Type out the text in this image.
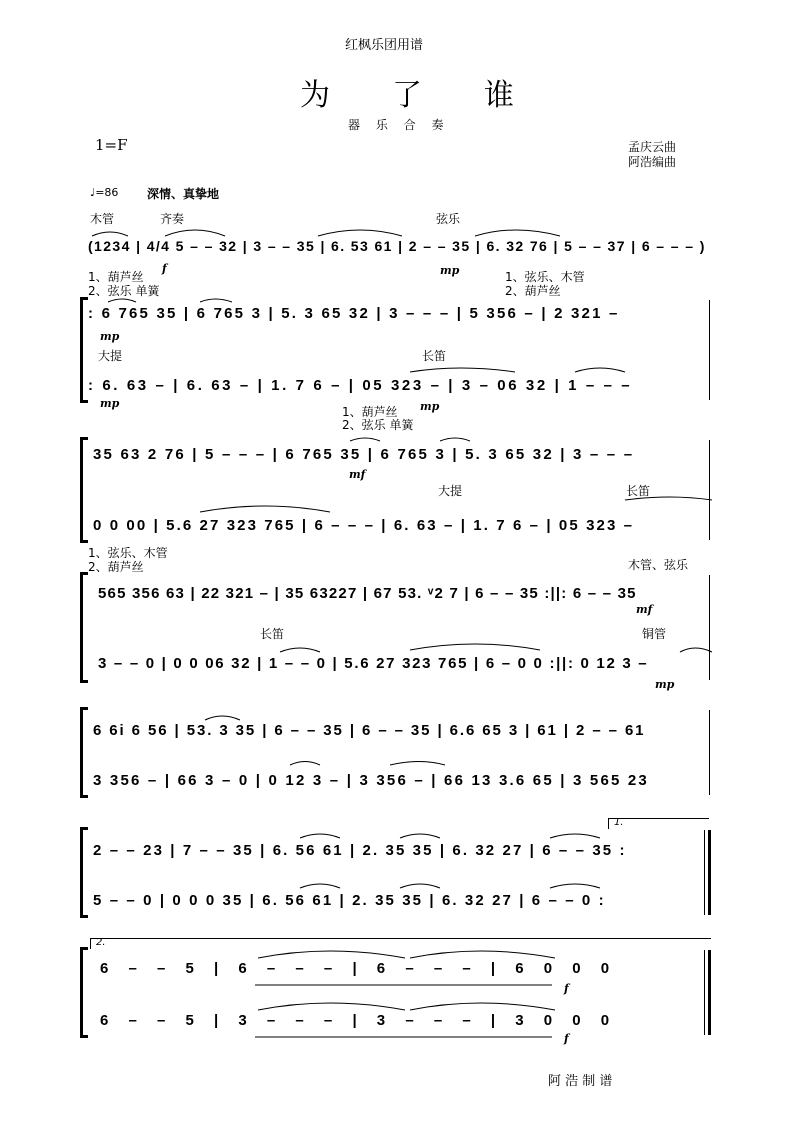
红枫乐团用谱
为了谁
器 乐 合 奏
1=F	孟庆云曲
阿浩编曲
♩=86 深情、真挚地
木管	齐奏	弦乐
(1234 | 4/4 5 – – 32 | 3 – – 35 | 6. 53 61 | 2 – – 35 | 6. 32 76 | 5 – – 37 | 6 – – – )
f	mp
1、葫芦丝
2、弦乐 单簧
1、弦乐、木管
2、葫芦丝
: 6 765 35 | 6 765 3 | 5. 3 65 32 | 3 – – – | 5 356 – | 2 321 –
mp
大提	长笛
: 6. 63 – | 6. 63 – | 1. 7 6 – | 05 323 – | 3 – 06 32 | 1 – – –
mp	mp
1、葫芦丝
2、弦乐 单簧
35 63 2 76 | 5 – – – | 6 765 35 | 6 765 3 | 5. 3 65 32 | 3 – – –
mf
大提	长笛
0 0 00 | 5.6 27 323 765 | 6 – – – | 6. 63 – | 1. 7 6 – | 05 323 –
1、弦乐、木管
2、葫芦丝	木管、弦乐
565 356 63 | 22 321 – | 35 63227 | 67 53. ᵛ2 7 | 6 – – 35 :||: 6 – – 35
mf
长笛	铜管
3 – – 0 | 0 0 06 32 | 1 – – 0 | 5.6 27 323 765 | 6 – 0 0 :||: 0 12 3 –
mp
6 6i 6 56 | 53. 3 35 | 6 – – 35 | 6 – – 35 | 6.6 65 3 | 61 | 2 – – 61
3 356 – | 66 3 – 0 | 0 12 3 – | 3 356 – | 66 13 3.6 65 | 3 565 23
1.
2 – – 23 | 7 – – 35 | 6. 56 61 | 2. 35 35 | 6. 32 27 | 6 – – 35 :
5 – – 0 | 0 0 0 35 | 6. 56 61 | 2. 35 35 | 6. 32 27 | 6 – – 0 :
2.
6 – – 5 | 6 – – – | 6 – – – | 6 0 0 0
6 – – 5 | 3 – – – | 3 – – – | 3 0 0 0
f
f
阿 浩 制 谱
